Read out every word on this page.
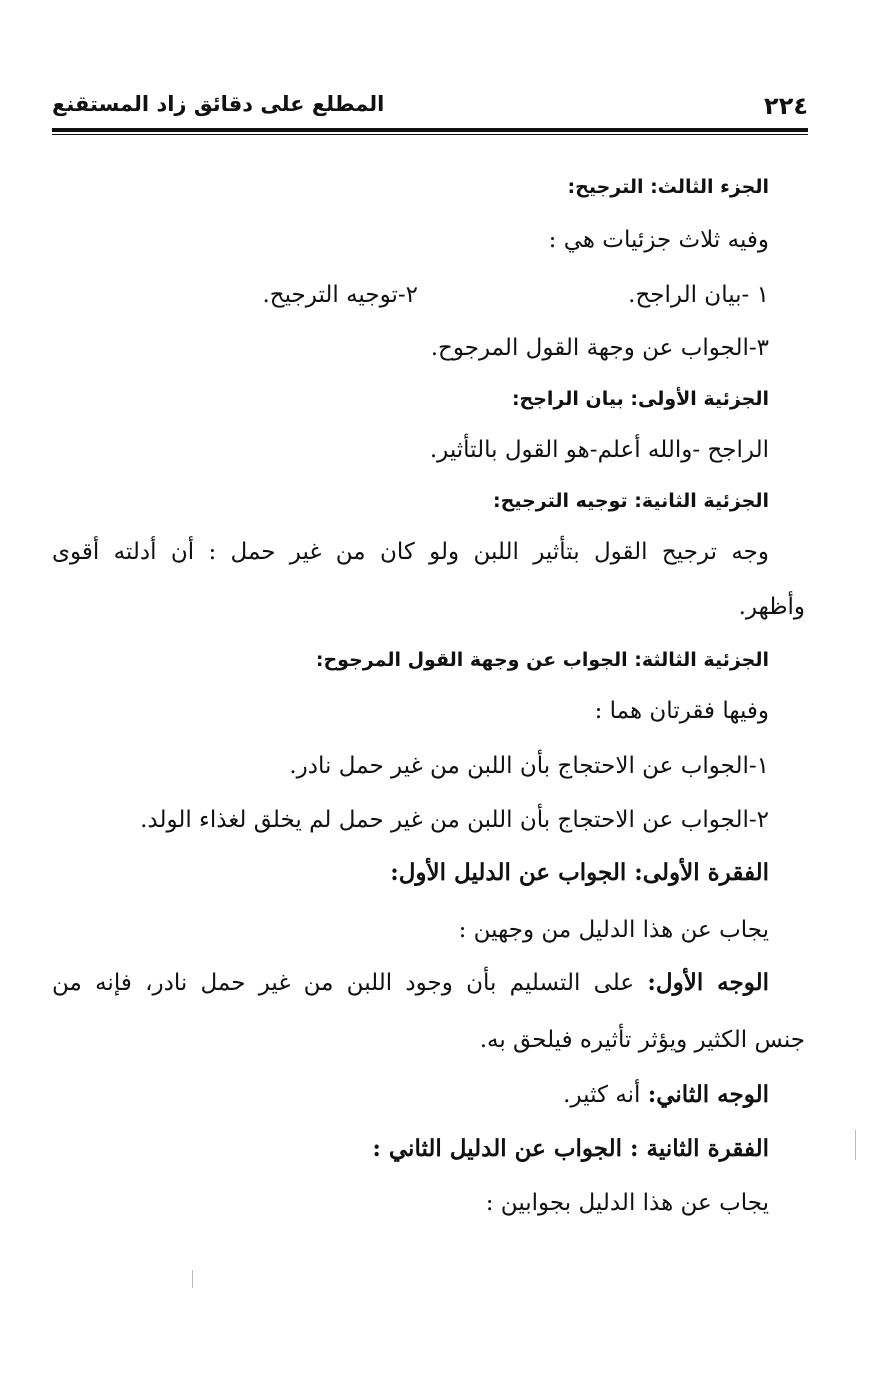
٢٢٤
المطلع على دقائق زاد المستقنع
الجزء الثالث: الترجيح:
وفيه ثلاث جزئيات هي :
١ -بيان الراجح.
٢-توجيه الترجيح.
٣-الجواب عن وجهة القول المرجوح.
الجزئية الأولى: بيان الراجح:
الراجح -والله أعلم-هو القول بالتأثير.
الجزئية الثانية: توجيه الترجيح:
وجه ترجيح القول بتأثير اللبن ولو كان من غير حمل : أن أدلته أقوى
وأظهر.
الجزئية الثالثة: الجواب عن وجهة القول المرجوح:
وفيها فقرتان هما :
١-الجواب عن الاحتجاج بأن اللبن من غير حمل نادر.
٢-الجواب عن الاحتجاج بأن اللبن من غير حمل لم يخلق لغذاء الولد.
الفقرة الأولى: الجواب عن الدليل الأول:
يجاب عن هذا الدليل من وجهين :
الوجه الأول: على التسليم بأن وجود اللبن من غير حمل نادر، فإنه من
جنس الكثير ويؤثر تأثيره فيلحق به.
الوجه الثاني: أنه كثير.
الفقرة الثانية : الجواب عن الدليل الثاني :
يجاب عن هذا الدليل بجوابين :
